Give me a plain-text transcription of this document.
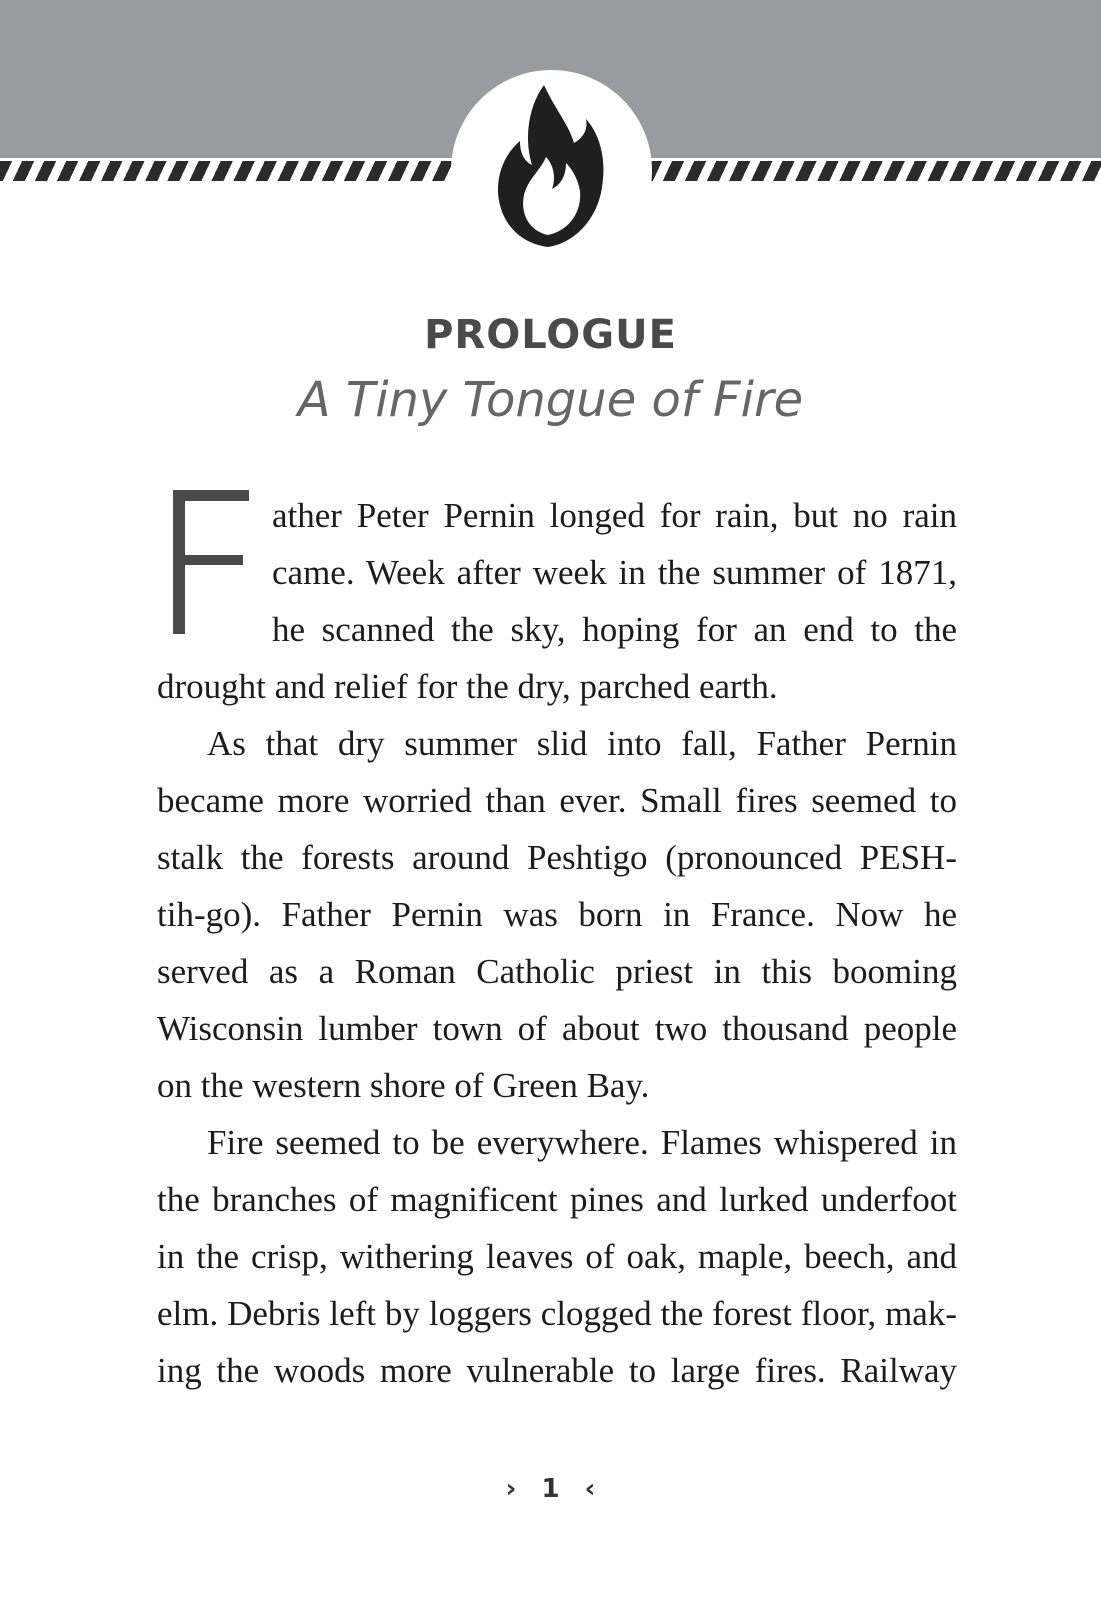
PROLOGUE
A Tiny Tongue of Fire
ather Peter Pernin longed for rain, but no rain
came. Week after week in the summer of 1871,
he scanned the sky, hoping for an end to the
drought and relief for the dry, parched earth.
As that dry summer slid into fall, Father Pernin
became more worried than ever. Small fires seemed to
stalk the forests around Peshtigo (pronounced PESH-
tih-go). Father Pernin was born in France. Now he
served as a Roman Catholic priest in this booming
Wisconsin lumber town of about two thousand people
on the western shore of Green Bay.
Fire seemed to be everywhere. Flames whispered in
the branches of magnificent pines and lurked underfoot
in the crisp, withering leaves of oak, maple, beech, and
elm. Debris left by loggers clogged the forest floor, mak-
ing the woods more vulnerable to large fires. Railway
› 1 ‹
